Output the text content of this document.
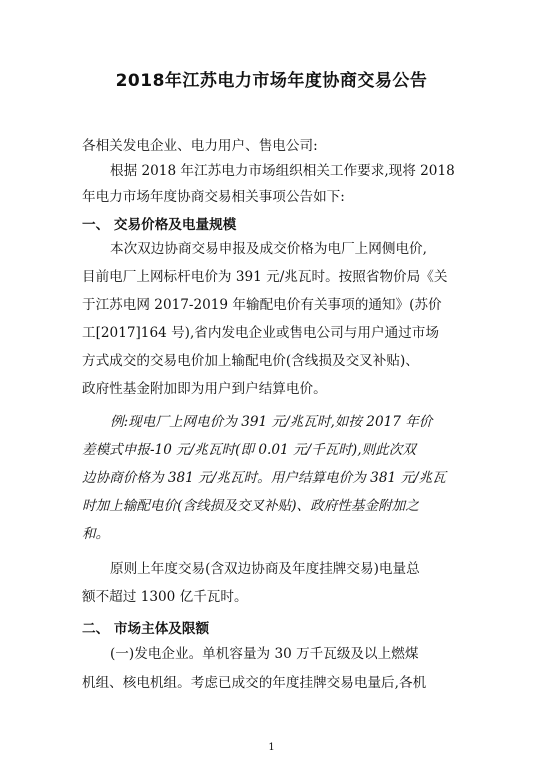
2018年江苏电力市场年度协商交易公告
各相关发电企业、电力用户、售电公司:
根据 2018 年江苏电力市场组织相关工作要求,现将 2018
年电力市场年度协商交易相关事项公告如下:
一、 交易价格及电量规模
本次双边协商交易申报及成交价格为电厂上网侧电价,
目前电厂上网标杆电价为 391 元/兆瓦时。按照省物价局《关
于江苏电网 2017-2019 年输配电价有关事项的通知》(苏价
工[2017]164 号),省内发电企业或售电公司与用户通过市场
方式成交的交易电价加上输配电价(含线损及交叉补贴)、
政府性基金附加即为用户到户结算电价。
例:现电厂上网电价为 391 元/兆瓦时,如按 2017 年价
差模式申报-10 元/兆瓦时(即 0.01 元/千瓦时),则此次双
边协商价格为 381 元/兆瓦时。用户结算电价为 381 元/兆瓦
时加上输配电价(含线损及交叉补贴)、政府性基金附加之
和。
原则上年度交易(含双边协商及年度挂牌交易)电量总
额不超过 1300 亿千瓦时。
二、 市场主体及限额
(一)发电企业。单机容量为 30 万千瓦级及以上燃煤
机组、核电机组。考虑已成交的年度挂牌交易电量后,各机
1
